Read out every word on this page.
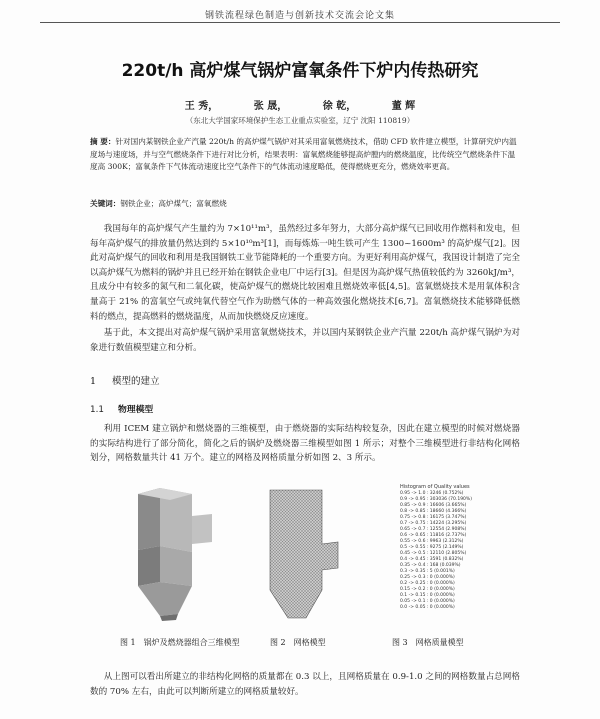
钢铁流程绿色制造与创新技术交流会论文集
220t/h 高炉煤气锅炉富氧条件下炉内传热研究
王 秀，	张 晟，	徐 乾，	董 辉
（东北大学国家环境保护生态工业重点实验室，辽宁 沈阳 110819）
摘 要：针对国内某钢铁企业产汽量 220t/h 的高炉煤气锅炉对其采用富氧燃烧技术，借助 CFD 软件建立模型，计算研究炉内温度场与速度场，并与空气燃烧条件下进行对比分析，结果表明：富氧燃烧能够提高炉膛内的燃烧温度，比传统空气燃烧条件下温度高 300K；富氧条件下气体流动速度比空气条件下的气体流动速度略低，使得燃烧更充分，燃烧效率更高。
关键词：钢铁企业；高炉煤气；富氧燃烧

我国每年的高炉煤气产生量约为 7×10¹¹m³，虽然经过多年努力，大部分高炉煤气已回收用作燃料和发电，但每年高炉煤气的排放量仍然达到约 5×10¹⁰m³[1]，而每炼炼一吨生铁可产生 1300~1600m³ 的高炉煤气[2]。因此对高炉煤气的回收和利用是我国钢铁工业节能降耗的一个重要方向。为更好利用高炉煤气，我国设计制造了完全以高炉煤气为燃料的锅炉并且已经开始在钢铁企业电厂中运行[3]。但是因为高炉煤气热值较低约为 3260kJ/m³，且成分中有较多的氮气和二氧化碳，使高炉煤气的燃烧比较困难且燃烧效率低[4,5]。富氧燃烧技术是用氧体积含量高于 21% 的富氧空气或纯氧代替空气作为助燃气体的一种高效强化燃烧技术[6,7]。富氧燃烧技术能够降低燃料的燃点，提高燃料的燃烧温度，从而加快燃烧反应速度。

基于此，本文提出对高炉煤气锅炉采用富氧燃烧技术，并以国内某钢铁企业产汽量 220t/h 高炉煤气锅炉为对象进行数值模型建立和分析。

1 模型的建立
1.1 物理模型

利用 ICEM 建立锅炉和燃烧器的三维模型，由于燃烧器的实际结构较复杂，因此在建立模型的时候对燃烧器的实际结构进行了部分简化，简化之后的锅炉及燃烧器三维模型如图 1 所示；对整个三维模型进行非结构化网格划分，网格数量共计 41 万个。建立的网格及网格质量分析如图 2、3 所示。

Histogram of Quality values
0.95 -> 1.0 : 3246 (0.752%)
0.9 -> 0.95 : 303036 (70.190%)
0.85 -> 0.9 : 16606 (3.665%)
0.8 -> 0.85 : 18660 (4.366%)
0.75 -> 0.8 : 16175 (3.747%)
0.7 -> 0.75 : 14224 (3.295%)
0.65 -> 0.7 : 12554 (2.908%)
0.6 -> 0.65 : 11816 (2.737%)
0.55 -> 0.6 : 9963 (2.312%)
0.5 -> 0.55 : 9275 (2.149%)
0.45 -> 0.5 : 12110 (2.805%)
0.4 -> 0.45 : 3591 (0.832%)
0.35 -> 0.4 : 168 (0.039%)
0.3 -> 0.35 : 5 (0.001%)
0.25 -> 0.3 : 0 (0.000%)
0.2 -> 0.25 : 0 (0.000%)
0.15 -> 0.2 : 0 (0.000%)
0.1 -> 0.15 : 0 (0.000%)
0.05 -> 0.1 : 0 (0.000%)
0.0 -> 0.05 : 0 (0.000%)
图 1 锅炉及燃烧器组合三维模型	图 2 网格模型	图 3 网格质量模型

从上图可以看出所建立的非结构化网格的质量都在 0.3 以上，且网格质量在 0.9-1.0 之间的网格数量占总网格数的 70% 左右，由此可以判断所建立的网格质量较好。
